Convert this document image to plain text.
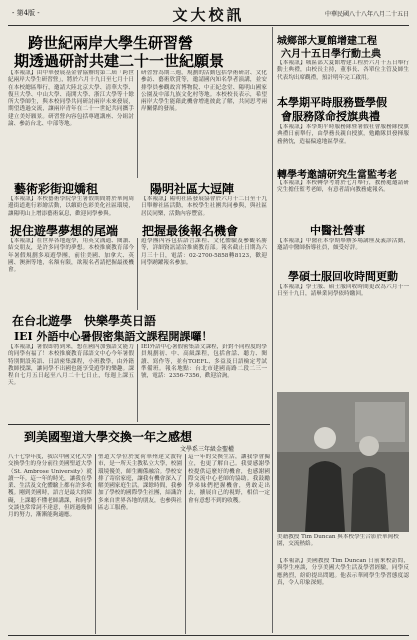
- 第4版 -	文大校訊	中華民國八十八年八月二十五日
跨世紀兩岸大學生研習營
期透過研討共建二十一世紀願景
【本報訊】由中華發展基金會協辦的第二屆「跨世紀兩岸大學生研習營」，將於六月十九日至七月十日在本校總區舉行，邀請大陸北京大學、清華大學、復旦大學、中山大學、南開大學、浙江大學等十餘所大學師生，與本校同學共同研討兩岸未來發展，期望透過交流，讓兩岸青年在二十一世紀共同攜手建立美好願景。研習營內容包括專題講座、分組討論、參訪台北、中部等地。
研習營為期三週，規劃的活動包括學術研討、文化參訪、藝術欣賞等，邀請國內知名學者演講，並安排學員參觀故宮博物院、中正紀念堂、陽明山國家公園及中部九族文化村等地。本校校長表示，希望兩岸大學生能藉此機會增進彼此了解，共同思考兩岸關係的發展。
藝術彩街迎嬌租	陽明社區大逗陣
【本報訊】本校藝術學院學生暑假期間將於華岡周邊街道進行彩繪活動，以繽紛色彩美化社區環境，讓陽明山上增添藝術氣息，歡迎同學參與。
【本報訊】陽明社區發展協會於六月十二日至十九日舉辦社區活動，本校學生社團共同參與，與社區居民同樂，活動內容豐富。
捉住遊學夢想的尾端 把握最後報名機會
【本報訊】在世界各地遊學，用英文溝通、閱讀、結交朋友，是許多同學的夢想。本校推廣教育部今年暑假規劃多項遊學團，前往美國、加拿大、英國、澳洲等地，名額有限，欲報名者請把握最後機會。
遊學團內容包括語言課程、文化體驗及參觀名勝等，詳細資訊請洽推廣教育部。報名截止日期為六月三十日，電話：02-2700-5858轉8123，歡迎同學踴躍報名參加。
在台北遊學　快樂學英日語
IEI 外語中心暑假密集語文課程開課囉！
【本報訊】暑假即將到來，想在國內加強語文能力的同學有福了！本校推廣教育部語文中心今年暑假特別開設英語、日語密集課程，小班教學，由外籍教師授課，讓同學不出國也能享受遊學的樂趣。課程自七月五日起至八月二十七日止，每週上課五天。
IEI外語中心暑假密集語文課程，針對不同程度的學員規劃初、中、高級課程，包括會話、聽力、閱讀、寫作等，並有TOEFL、多益及日語檢定考試準備班。報名地點：台北市建國南路二段二三一號，電話：2356-7356，歡迎洽詢。
到美國聖道大學交換一年之感想
文學系三年級金聖權
八十七學年度，我以中國文化大學交換學生的身分前往美國聖道大學（St. Ambrose University）就讀一年。這一年的時光，讓我在學業、生活及文化體驗上都有許多收穫。剛到美國時，語言是最大的障礙，上課聽不懂老師講課，和同學交談也常常詞不達意，但經過幾個月的努力，漸漸能夠適應。
聖道大學位於愛荷華州達文波特市，是一所天主教私立大學，校園環境優美，師生關係融洽。學校安排了寄宿家庭，讓我有機會深入了解美國家庭生活。課餘時間，我參加了學校的國際學生社團，結識許多來自世界各地的朋友，也參與社區志工服務。
這一年的交換生活，讓我學會獨立，也更了解自己。我要感謝學校提供這麼好的機會，也感謝國際交流中心老師的協助。我鼓勵學弟妹們把握機會，勇敢走出去，擴展自己的視野，相信一定會有意想不到的收穫。
城鄉部大夏館增建工程
六月十五日學行動土典
【本報訊】城區部大夏館增建工程於六月十五日舉行動土典禮，由校長主持，董事長、各單位主管及師生代表均出席觀禮，預計明年完工啟用。
本學期平時服務暨學假
會服務隊命授旗典禮
【本報訊】本學期平時服務隊暨暑假社會服務隊授旗典禮日前舉行，由學務長親自授旗，勉勵隊員發揮服務熱忱，造福偏遠地區學童。
轉學考邀請研究生當監考老
【本報訊】本校轉學考將於七月舉行，教務處邀請研究生擔任監考老師，有意者請向教務處報名。
中醫社營事
【本報訊】中醫社本學期舉辦多場講座及義診活動，邀請中醫師指導社員，頗受好評。
學碩士服回收時間更動
【本報訊】學士服、碩士服回收時間更改為六月十一日至十九日，請畢業同學依時繳回。
美籍教授 Tim Duncan 與本校學生合影於華岡校園，交流熱絡。
【本報訊】美國教授 Tim Duncan 日前來校訪問，與學生座談，分享美國大學生活及學習經驗，同學反應熱烈，紛紛提出問題。他表示華岡學生學習態度認真，令人印象深刻。
